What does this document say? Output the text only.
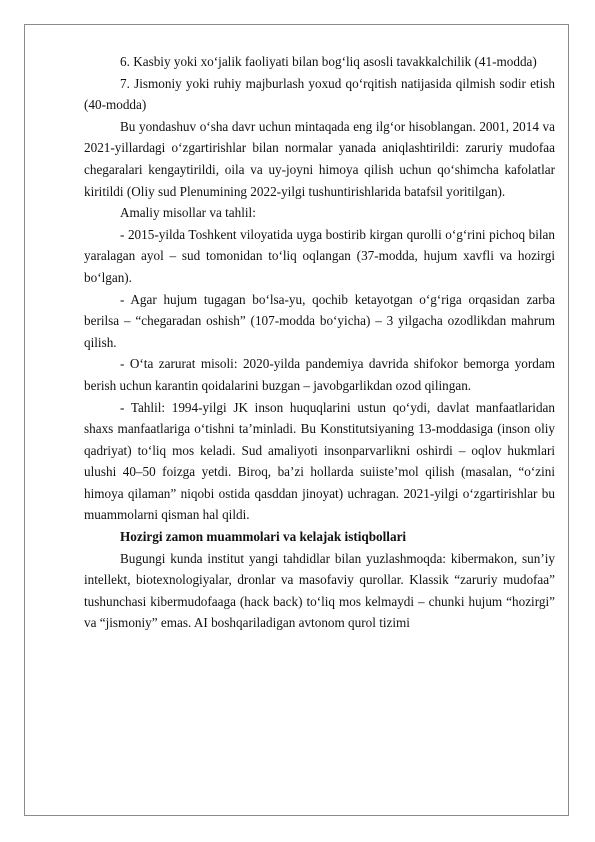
6. Kasbiy yoki xo‘jalik faoliyati bilan bog‘liq asosli tavakkalchilik (41-modda)

7. Jismoniy yoki ruhiy majburlash yoxud qo‘rqitish natijasida qilmish sodir etish (40-modda)

Bu yondashuv o‘sha davr uchun mintaqada eng ilg‘or hisoblangan. 2001, 2014 va 2021-yillardagi o‘zgartirishlar bilan normalar yanada aniqlashtirildi: zaruriy mudofaa chegaralari kengaytirildi, oila va uy-joyni himoya qilish uchun qo‘shimcha kafolatlar kiritildi (Oliy sud Plenumining 2022-yilgi tushuntirishlarida batafsil yoritilgan).

Amaliy misollar va tahlil:

- 2015-yilda Toshkent viloyatida uyga bostirib kirgan qurolli o‘g‘rini pichoq bilan yaralagan ayol – sud tomonidan to‘liq oqlangan (37-modda, hujum xavfli va hozirgi bo‘lgan).

- Agar hujum tugagan bo‘lsa-yu, qochib ketayotgan o‘g‘riga orqasidan zarba berilsa – “chegaradan oshish” (107-modda bo‘yicha) – 3 yilgacha ozodlikdan mahrum qilish.

- O‘ta zarurat misoli: 2020-yilda pandemiya davrida shifokor bemorga yordam berish uchun karantin qoidalarini buzgan – javobgarlikdan ozod qilingan.

- Tahlil: 1994-yilgi JK inson huquqlarini ustun qo‘ydi, davlat manfaatlaridan shaxs manfaatlariga o‘tishni ta’minladi. Bu Konstitutsiyaning 13-moddasiga (inson oliy qadriyat) to‘liq mos keladi. Sud amaliyoti insonparvarlikni oshirdi – oqlov hukmlari ulushi 40–50 foizga yetdi. Biroq, ba’zi hollarda suiiste’mol qilish (masalan, “o‘zini himoya qilaman” niqobi ostida qasddan jinoyat) uchragan. 2021-yilgi o‘zgartirishlar bu muammolarni qisman hal qildi.

Hozirgi zamon muammolari va kelajak istiqbollari

Bugungi kunda institut yangi tahdidlar bilan yuzlashmoqda: kibermakon, sun’iy intellekt, biotexnologiyalar, dronlar va masofaviy qurollar. Klassik “zaruriy mudofaa” tushunchasi kibermudofaaga (hack back) to‘liq mos kelmaydi – chunki hujum “hozirgi” va “jismoniy” emas. AI boshqariladigan avtonom qurol tizimi
